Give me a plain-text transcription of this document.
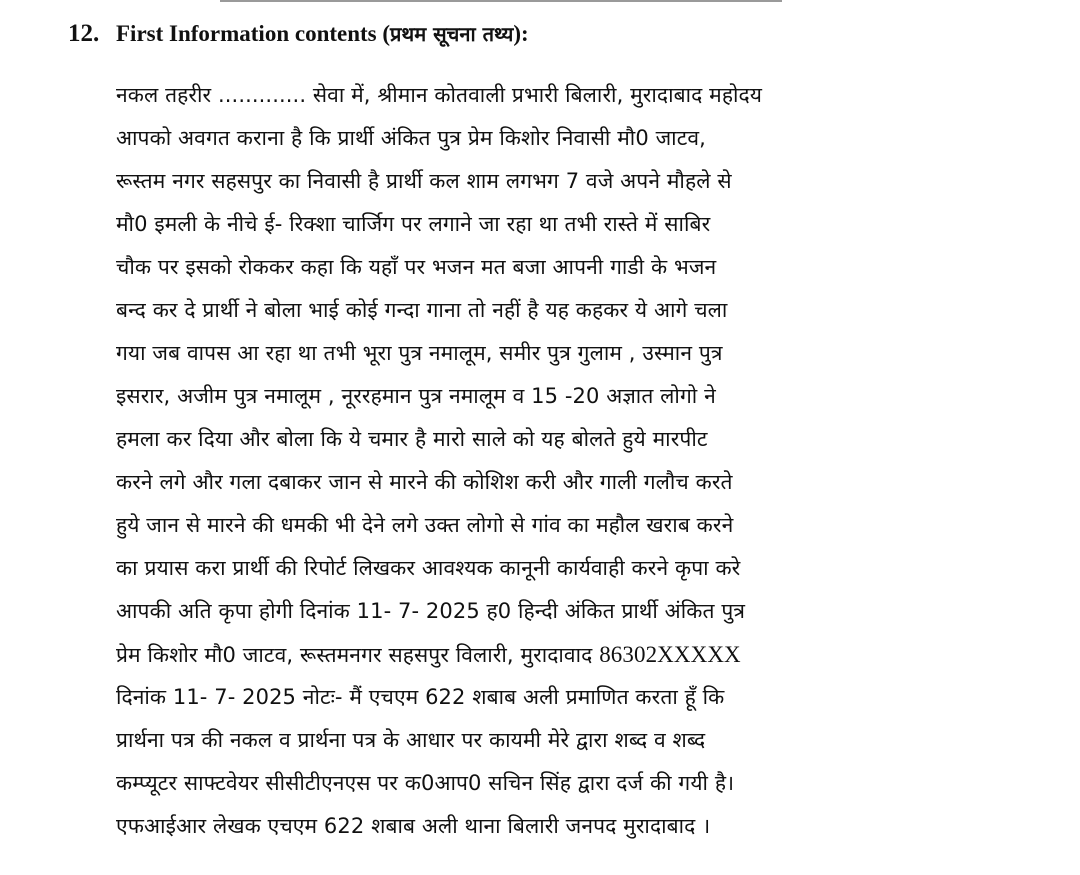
12. First Information contents (प्रथम सूचना तथ्य):
नकल तहरीर ............. सेवा में, श्रीमान कोतवाली प्रभारी बिलारी, मुरादाबाद महोदय
आपको अवगत कराना है कि प्रार्थी अंकित पुत्र प्रेम किशोर निवासी मौ0 जाटव,
रूस्तम नगर सहसपुर का निवासी है प्रार्थी कल शाम लगभग 7 वजे अपने मौहले से
मौ0 इमली के नीचे ई- रिक्शा चार्जिग पर लगाने जा रहा था तभी रास्ते में साबिर
चौक पर इसको रोककर कहा कि यहाँ पर भजन मत बजा आपनी गाडी के भजन
बन्द कर दे प्रार्थी ने बोला भाई कोई गन्दा गाना तो नहीं है यह कहकर ये आगे चला
गया जब वापस आ रहा था तभी भूरा पुत्र नमालूम, समीर पुत्र गुलाम , उस्मान पुत्र
इसरार, अजीम पुत्र नमालूम , नूररहमान पुत्र नमालूम व 15 -20 अज्ञात लोगो ने
हमला कर दिया और बोला कि ये चमार है मारो साले को यह बोलते हुये मारपीट
करने लगे और गला दबाकर जान से मारने की कोशिश करी और गाली गलौच करते
हुये जान से मारने की धमकी भी देने लगे उक्त लोगो से गांव का महौल खराब करने
का प्रयास करा प्रार्थी की रिपोर्ट लिखकर आवश्यक कानूनी कार्यवाही करने कृपा करे
आपकी अति कृपा होगी दिनांक 11- 7- 2025 ह0 हिन्दी अंकित प्रार्थी अंकित पुत्र
प्रेम किशोर मौ0 जाटव, रूस्तमनगर सहसपुर विलारी, मुरादावाद 86302XXXXX
दिनांक 11- 7- 2025 नोटः- मैं एचएम 622 शबाब अली प्रमाणित करता हूँ कि
प्रार्थना पत्र की नकल व प्रार्थना पत्र के आधार पर कायमी मेरे द्वारा शब्द व शब्द
कम्प्यूटर साफ्टवेयर सीसीटीएनएस पर क0आप0 सचिन सिंह द्वारा दर्ज की गयी है।
एफआईआर लेखक एचएम 622 शबाब अली थाना बिलारी जनपद मुरादाबाद ।
